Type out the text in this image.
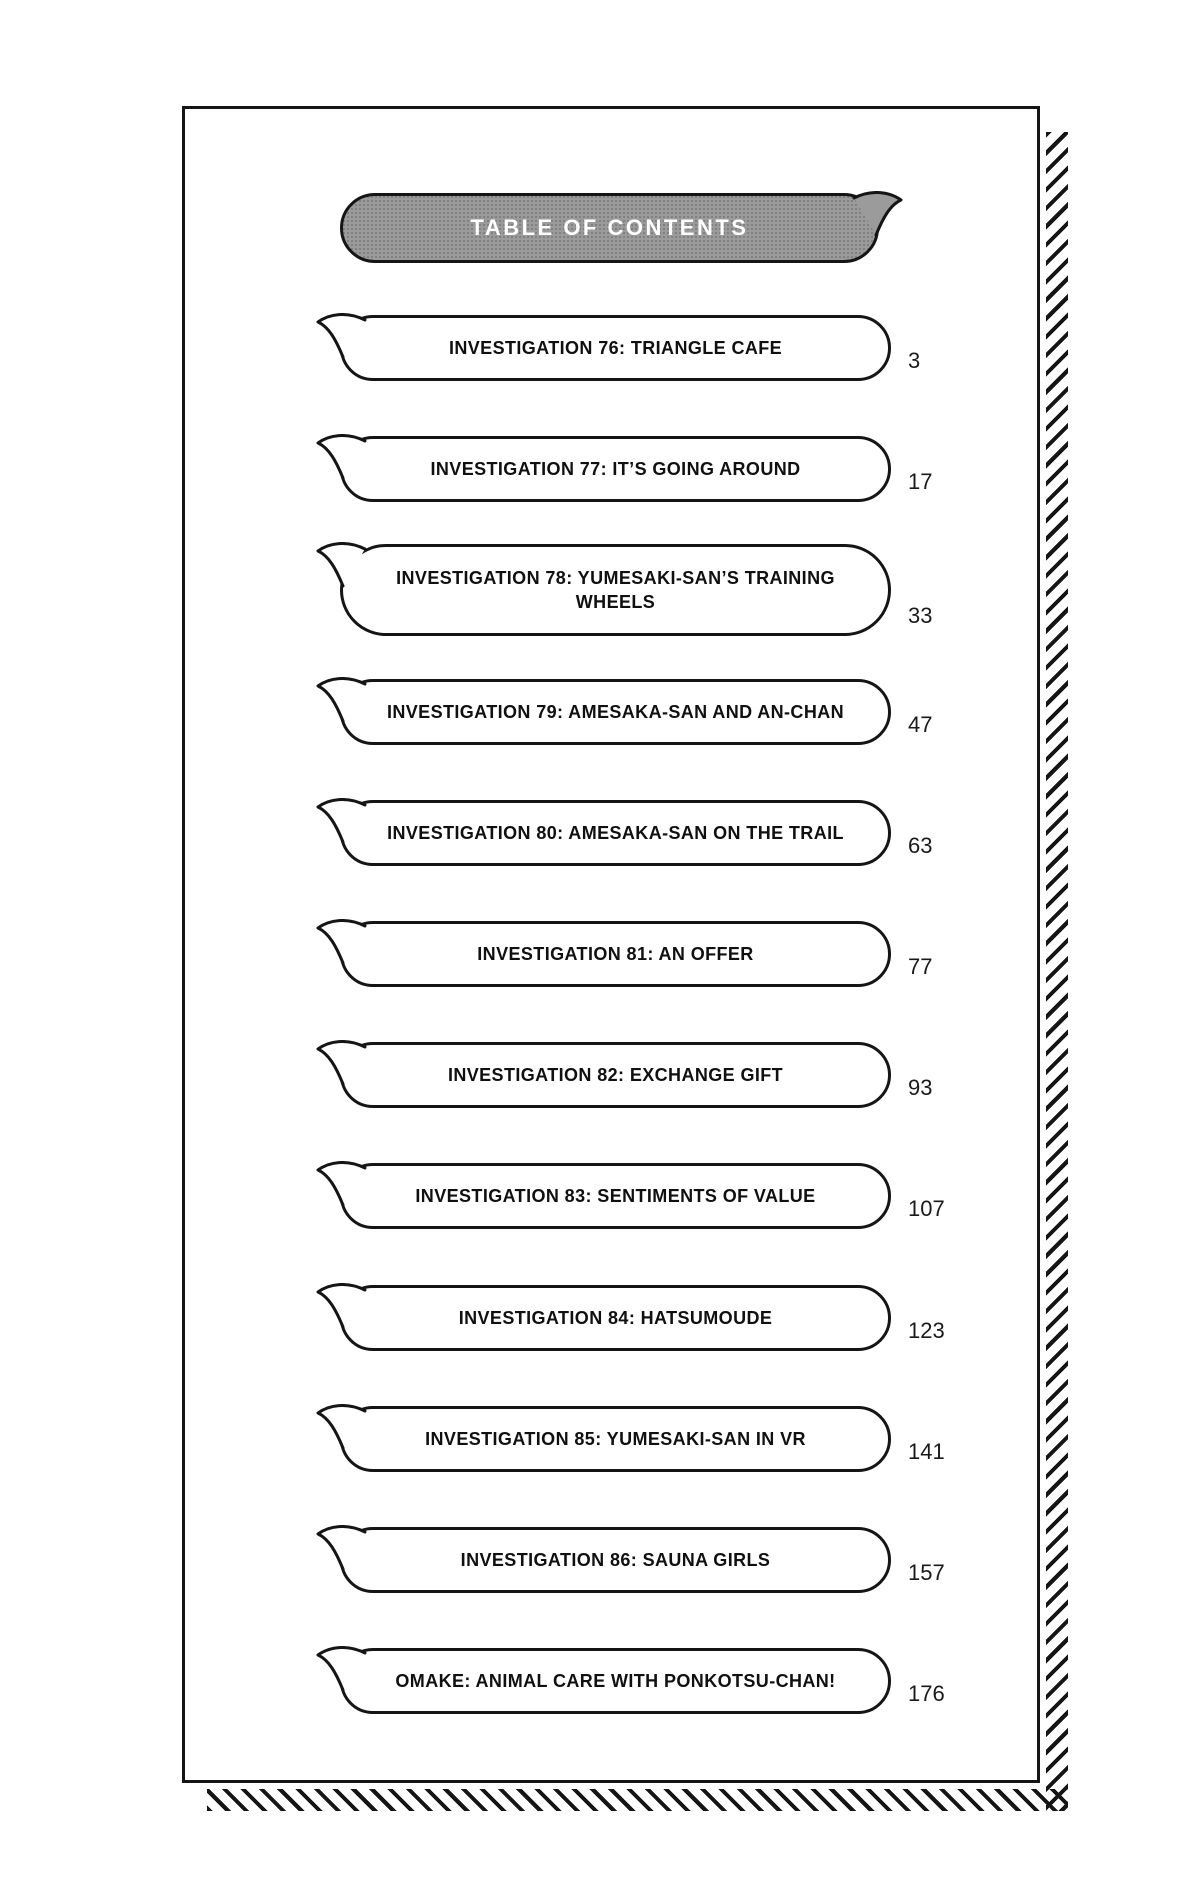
TABLE OF CONTENTS
INVESTIGATION 76: TRIANGLE CAFE
3
INVESTIGATION 77: IT’S GOING AROUND
17
INVESTIGATION 78: YUMESAKI-SAN’S TRAINING WHEELS
33
INVESTIGATION 79: AMESAKA-SAN AND AN-CHAN
47
INVESTIGATION 80: AMESAKA-SAN ON THE TRAIL
63
INVESTIGATION 81: AN OFFER
77
INVESTIGATION 82: EXCHANGE GIFT
93
INVESTIGATION 83: SENTIMENTS OF VALUE
107
INVESTIGATION 84: HATSUMOUDE
123
INVESTIGATION 85: YUMESAKI-SAN IN VR
141
INVESTIGATION 86: SAUNA GIRLS
157
OMAKE: ANIMAL CARE WITH PONKOTSU-CHAN!
176
